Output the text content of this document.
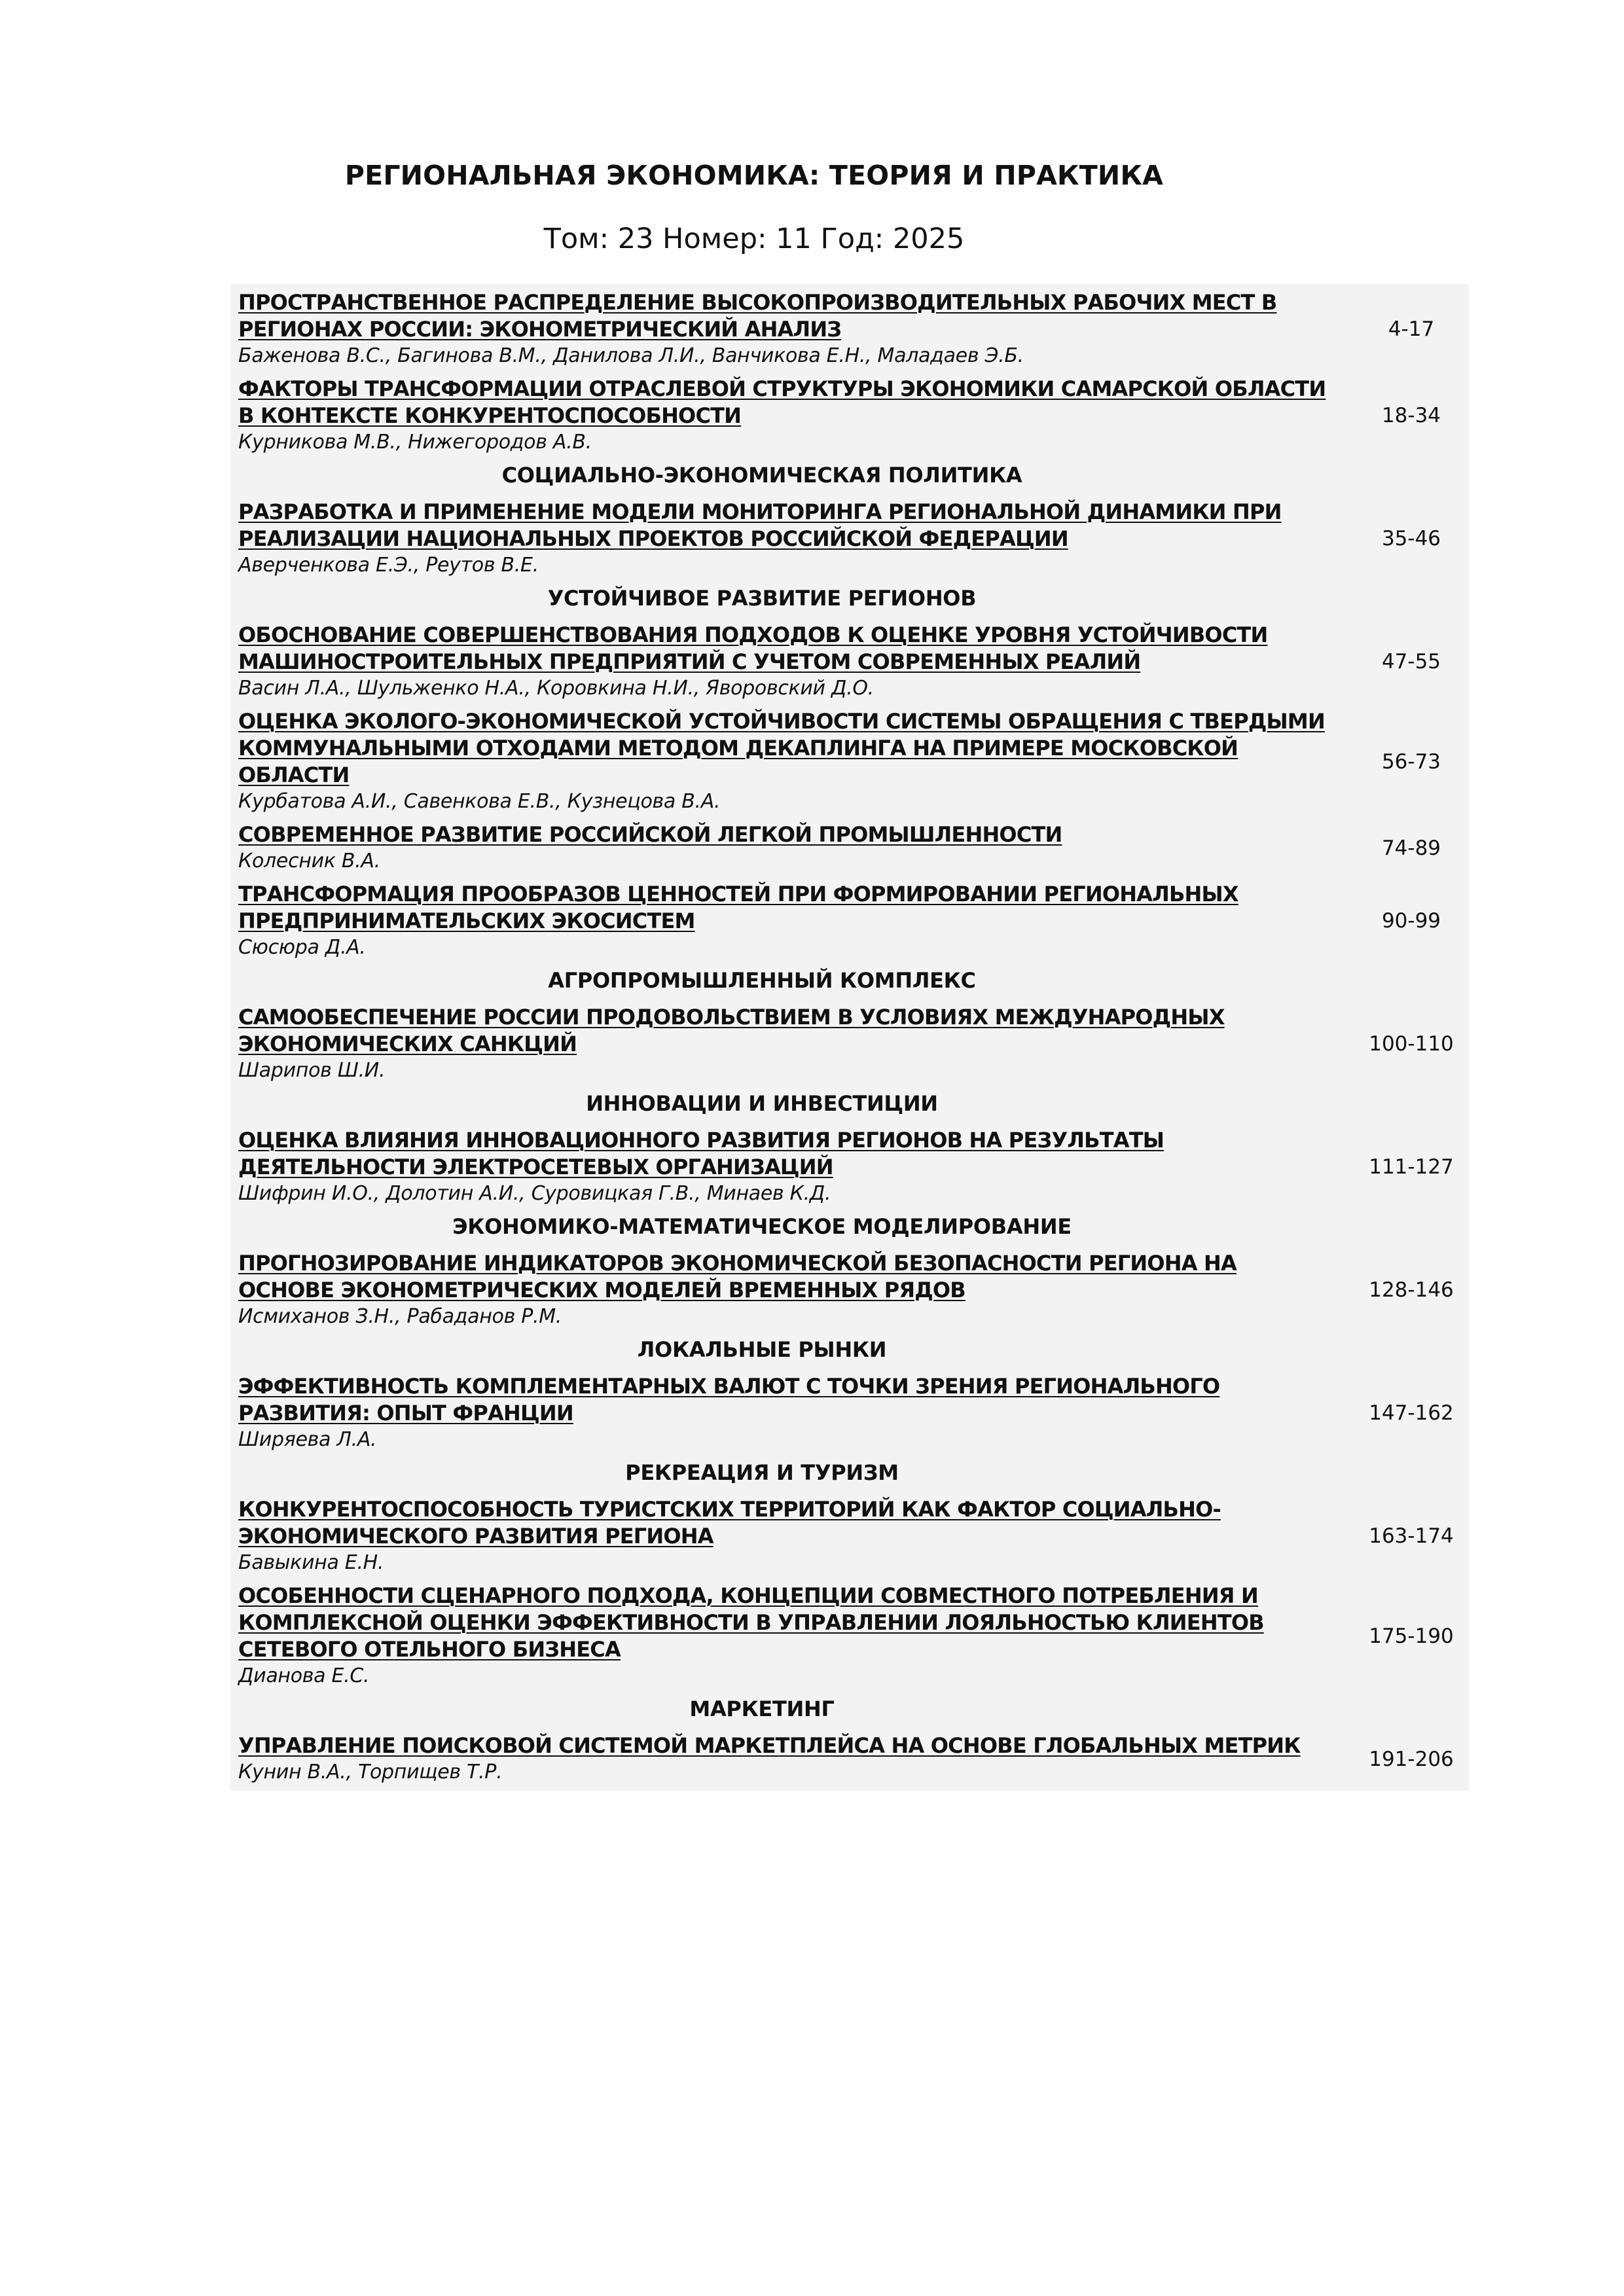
РЕГИОНАЛЬНАЯ ЭКОНОМИКА: ТЕОРИЯ И ПРАКТИКА
Том: 23 Номер: 11 Год: 2025
ПРОСТРАНСТВЕННОЕ РАСПРЕДЕЛЕНИЕ ВЫСОКОПРОИЗВОДИТЕЛЬНЫХ РАБОЧИХ МЕСТ В РЕГИОНАХ РОССИИ: ЭКОНОМЕТРИЧЕСКИЙ АНАЛИЗ
Баженова В.С., Багинова В.М., Данилова Л.И., Ванчикова Е.Н., Маладаев Э.Б.
4-17
ФАКТОРЫ ТРАНСФОРМАЦИИ ОТРАСЛЕВОЙ СТРУКТУРЫ ЭКОНОМИКИ САМАРСКОЙ ОБЛАСТИ В КОНТЕКСТЕ КОНКУРЕНТОСПОСОБНОСТИ
Курникова М.В., Нижегородов А.В.
18-34
СОЦИАЛЬНО-ЭКОНОМИЧЕСКАЯ ПОЛИТИКА
РАЗРАБОТКА И ПРИМЕНЕНИЕ МОДЕЛИ МОНИТОРИНГА РЕГИОНАЛЬНОЙ ДИНАМИКИ ПРИ РЕАЛИЗАЦИИ НАЦИОНАЛЬНЫХ ПРОЕКТОВ РОССИЙСКОЙ ФЕДЕРАЦИИ
Аверченкова Е.Э., Реутов В.Е.
35-46
УСТОЙЧИВОЕ РАЗВИТИЕ РЕГИОНОВ
ОБОСНОВАНИЕ СОВЕРШЕНСТВОВАНИЯ ПОДХОДОВ К ОЦЕНКЕ УРОВНЯ УСТОЙЧИВОСТИ МАШИНОСТРОИТЕЛЬНЫХ ПРЕДПРИЯТИЙ С УЧЕТОМ СОВРЕМЕННЫХ РЕАЛИЙ
Васин Л.А., Шульженко Н.А., Коровкина Н.И., Яворовский Д.О.
47-55
ОЦЕНКА ЭКОЛОГО-ЭКОНОМИЧЕСКОЙ УСТОЙЧИВОСТИ СИСТЕМЫ ОБРАЩЕНИЯ С ТВЕРДЫМИ КОММУНАЛЬНЫМИ ОТХОДАМИ МЕТОДОМ ДЕКАПЛИНГА НА ПРИМЕРЕ МОСКОВСКОЙ ОБЛАСТИ
Курбатова А.И., Савенкова Е.В., Кузнецова В.А.
56-73
СОВРЕМЕННОЕ РАЗВИТИЕ РОССИЙСКОЙ ЛЕГКОЙ ПРОМЫШЛЕННОСТИ
Колесник В.А.
74-89
ТРАНСФОРМАЦИЯ ПРООБРАЗОВ ЦЕННОСТЕЙ ПРИ ФОРМИРОВАНИИ РЕГИОНАЛЬНЫХ ПРЕДПРИНИМАТЕЛЬСКИХ ЭКОСИСТЕМ
Сюсюра Д.А.
90-99
АГРОПРОМЫШЛЕННЫЙ КОМПЛЕКС
САМООБЕСПЕЧЕНИЕ РОССИИ ПРОДОВОЛЬСТВИЕМ В УСЛОВИЯХ МЕЖДУНАРОДНЫХ ЭКОНОМИЧЕСКИХ САНКЦИЙ
Шарипов Ш.И.
100-110
ИННОВАЦИИ И ИНВЕСТИЦИИ
ОЦЕНКА ВЛИЯНИЯ ИННОВАЦИОННОГО РАЗВИТИЯ РЕГИОНОВ НА РЕЗУЛЬТАТЫ ДЕЯТЕЛЬНОСТИ ЭЛЕКТРОСЕТЕВЫХ ОРГАНИЗАЦИЙ
Шифрин И.О., Долотин А.И., Суровицкая Г.В., Минаев К.Д.
111-127
ЭКОНОМИКО-МАТЕМАТИЧЕСКОЕ МОДЕЛИРОВАНИЕ
ПРОГНОЗИРОВАНИЕ ИНДИКАТОРОВ ЭКОНОМИЧЕСКОЙ БЕЗОПАСНОСТИ РЕГИОНА НА ОСНОВЕ ЭКОНОМЕТРИЧЕСКИХ МОДЕЛЕЙ ВРЕМЕННЫХ РЯДОВ
Исмиханов З.Н., Рабаданов Р.М.
128-146
ЛОКАЛЬНЫЕ РЫНКИ
ЭФФЕКТИВНОСТЬ КОМПЛЕМЕНТАРНЫХ ВАЛЮТ С ТОЧКИ ЗРЕНИЯ РЕГИОНАЛЬНОГО РАЗВИТИЯ: ОПЫТ ФРАНЦИИ
Ширяева Л.А.
147-162
РЕКРЕАЦИЯ И ТУРИЗМ
КОНКУРЕНТОСПОСОБНОСТЬ ТУРИСТСКИХ ТЕРРИТОРИЙ КАК ФАКТОР СОЦИАЛЬНО-ЭКОНОМИЧЕСКОГО РАЗВИТИЯ РЕГИОНА
Бавыкина Е.Н.
163-174
ОСОБЕННОСТИ СЦЕНАРНОГО ПОДХОДА, КОНЦЕПЦИИ СОВМЕСТНОГО ПОТРЕБЛЕНИЯ И КОМПЛЕКСНОЙ ОЦЕНКИ ЭФФЕКТИВНОСТИ В УПРАВЛЕНИИ ЛОЯЛЬНОСТЬЮ КЛИЕНТОВ СЕТЕВОГО ОТЕЛЬНОГО БИЗНЕСА
Дианова Е.С.
175-190
МАРКЕТИНГ
УПРАВЛЕНИЕ ПОИСКОВОЙ СИСТЕМОЙ МАРКЕТПЛЕЙСА НА ОСНОВЕ ГЛОБАЛЬНЫХ МЕТРИК
Кунин В.А., Торпищев Т.Р.
191-206
